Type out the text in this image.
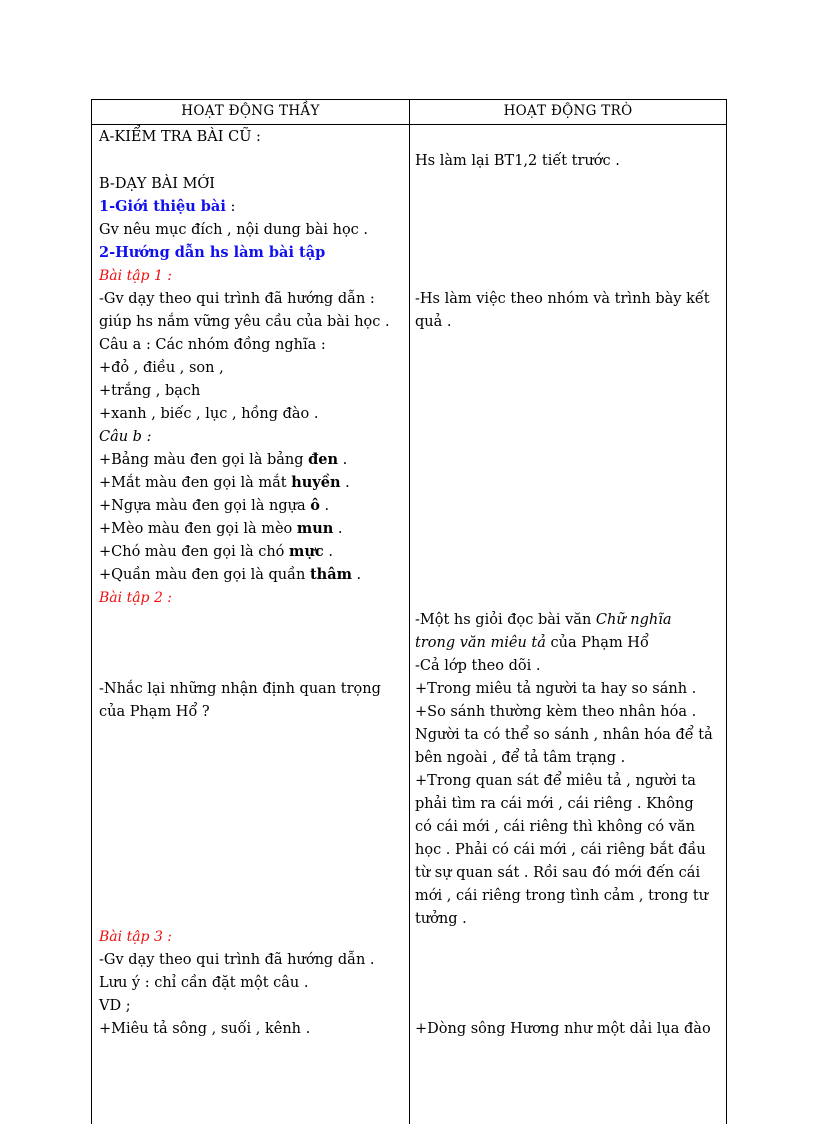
HOẠT ĐỘNG THẦY	HOẠT ĐỘNG TRÒ
A-KIỂM TRA BÀI CŨ :
B-DẠY BÀI MỚI
1-Giới thiệu bài :
Gv nêu mục đích , nội dung bài học .
2-Hướng dẫn hs làm bài tập
Bài tập 1 :
-Gv dạy theo qui trình đã hướng dẫn :
giúp hs nắm vững yêu cầu của bài học .
Câu a : Các nhóm đồng nghĩa :
+đỏ , điều , son ,
+trắng , bạch
+xanh , biếc , lục , hồng đào .
Câu b :
+Bảng màu đen gọi là bảng đen .
+Mắt màu đen gọi là mắt huyền .
+Ngựa màu đen gọi là ngựa ô .
+Mèo màu đen gọi là mèo mun .
+Chó màu đen gọi là chó mực .
+Quần màu đen gọi là quần thâm .
Bài tập 2 :
-Nhắc lại những nhận định quan trọng
của Phạm Hổ ?
Bài tập 3 :
-Gv dạy theo qui trình đã hướng dẫn .
Lưu ý : chỉ cần đặt một câu .
VD ;
+Miêu tả sông , suối , kênh .
Hs làm lại BT1,2 tiết trước .
-Hs làm việc theo nhóm và trình bày kết
quả .
-Một hs giỏi đọc bài văn Chữ nghĩa
trong văn miêu tả của Phạm Hổ
-Cả lớp theo dõi .
+Trong miêu tả người ta hay so sánh .
+So sánh thường kèm theo nhân hóa .
Người ta có thể so sánh , nhân hóa để tả
bên ngoài , để tả tâm trạng .
+Trong quan sát để miêu tả , người ta
phải tìm ra cái mới , cái riêng . Không
có cái mới , cái riêng thì không có văn
học . Phải có cái mới , cái riêng bắt đầu
từ sự quan sát . Rồi sau đó mới đến cái
mới , cái riêng trong tình cảm , trong tư
tưởng .
+Dòng sông Hương như một dải lụa đào
